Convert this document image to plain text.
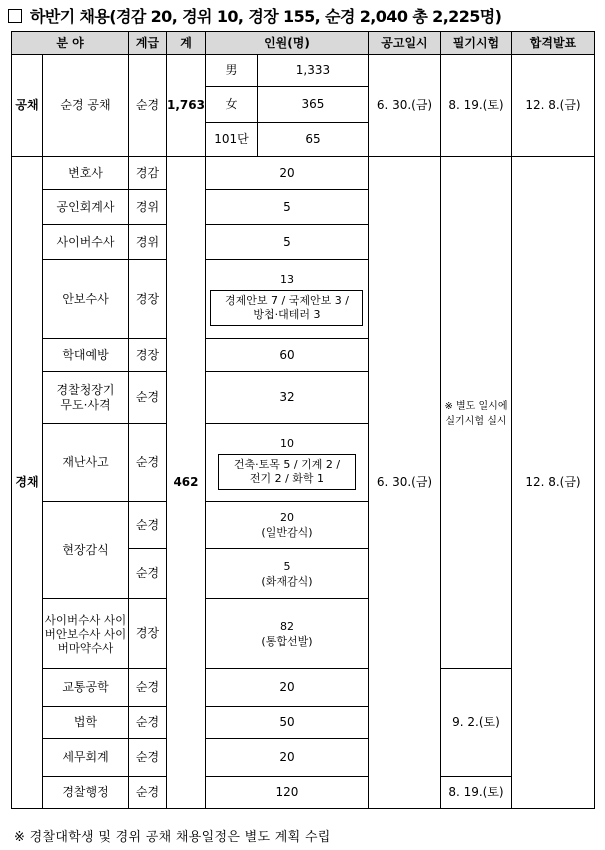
하반기 채용(경감 20, 경위 10, 경장 155, 순경 2,040 총 2,225명)
분 야		계급	계	인원(명)		공고일시	필기시험	합격발표
공채	순경 공채	순경	1,763	男	1,333	6. 30.(금)	8. 19.(토)	12. 8.(금)
				女	365			
				101단	65			
경채	변호사	경감	462	20		6. 30.(금)	※ 별도 일시에 실기시험 실시	12. 8.(금)
	공인회계사	경위		5				
	사이버수사	경위		5				
	안보수사	경장		13
경제안보 7 / 국제안보 3 / 방첩·대테러 3				
	학대예방	경장		60				
	경찰청장기 무도·사격	순경		32				
	재난사고	순경		10
건축·토목 5 / 기계 2 / 전기 2 / 화학 1				
	현장감식	순경		20
(일반감식)				

		순경		5
(화재감식)				

	사이버수사 사이버안보수사 사이버마약수사	경장		82
(통합선발)				

	교통공학	순경		20			9. 2.(토)	
	법학	순경		50				
	세무회계	순경		20				
	경찰행정	순경		120			8. 19.(토)	
※ 경찰대학생 및 경위 공채 채용일정은 별도 계획 수립
